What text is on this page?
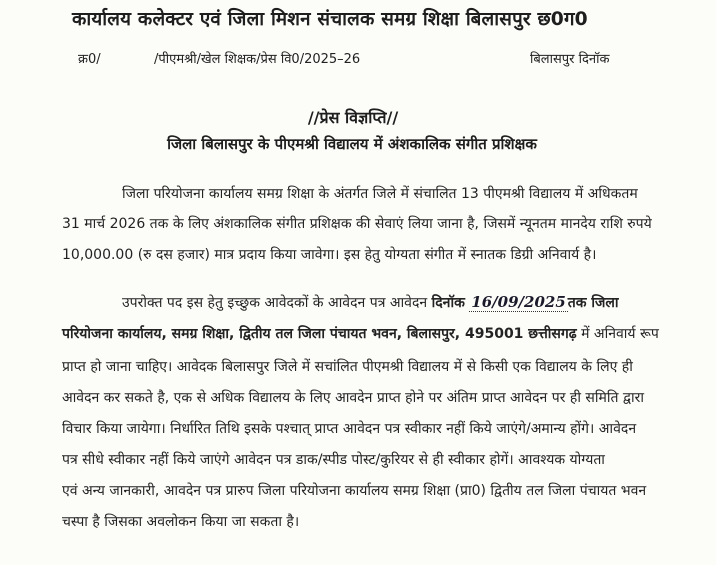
कार्यालय कलेक्टर एवं जिला मिशन संचालक समग्र शिक्षा बिलासपुर छ0ग0
क्र0/	/पीएमश्री/खेल शिक्षक/प्रेस वि0/2025–26	बिलासपुर दिनॉक
//प्रेस विज्ञप्ति//
जिला बिलासपुर के पीएमश्री विद्यालय में अंशकालिक संगीत प्रशिक्षक
जिला परियोजना कार्यालय समग्र शिक्षा के अंतर्गत जिले में संचालित 13 पीएमश्री विद्यालय में अधिकतम
31 मार्च 2026 तक के लिए अंशकालिक संगीत प्रशिक्षक की सेवाएं लिया जाना है, जिसमें न्यूनतम मानदेय राशि रुपये
10,000.00 (रु दस हजार) मात्र प्रदाय किया जावेगा। इस हेतु योग्यता संगीत में स्नातक डिग्री अनिवार्य है।
उपरोक्त पद इस हेतु इच्छुक आवेदकों के आवेदन पत्र आवेदन दिनॉक 16/09/2025 तक जिला
परियोजना कार्यालय, समग्र शिक्षा, द्वितीय तल जिला पंचायत भवन, बिलासपुर, 495001 छत्तीसगढ़ में अनिवार्य रूप
प्राप्त हो जाना चाहिए। आवेदक बिलासपुर जिले में सचांलित पीएमश्री विद्यालय में से किसी एक विद्यालय के लिए ही
आवेदन कर सकते है, एक से अधिक विद्यालय के लिए आवदेन प्राप्त होने पर अंतिम प्राप्त आवेदन पर ही समिति द्वारा
विचार किया जायेगा। निर्धारित तिथि इसके पश्चात् प्राप्त आवेदन पत्र स्वीकार नहीं किये जाएंगे/अमान्य होंगे। आवेदन
पत्र सीधे स्वीकार नहीं किये जाएंगे आवेदन पत्र डाक/स्पीड पोस्ट/कुरियर से ही स्वीकार होगें। आवश्यक योग्यता
एवं अन्य जानकारी, आवदेन पत्र प्रारुप जिला परियोजना कार्यालय समग्र शिक्षा (प्रा0) द्वितीय तल जिला पंचायत भवन
चस्पा है जिसका अवलोकन किया जा सकता है।
